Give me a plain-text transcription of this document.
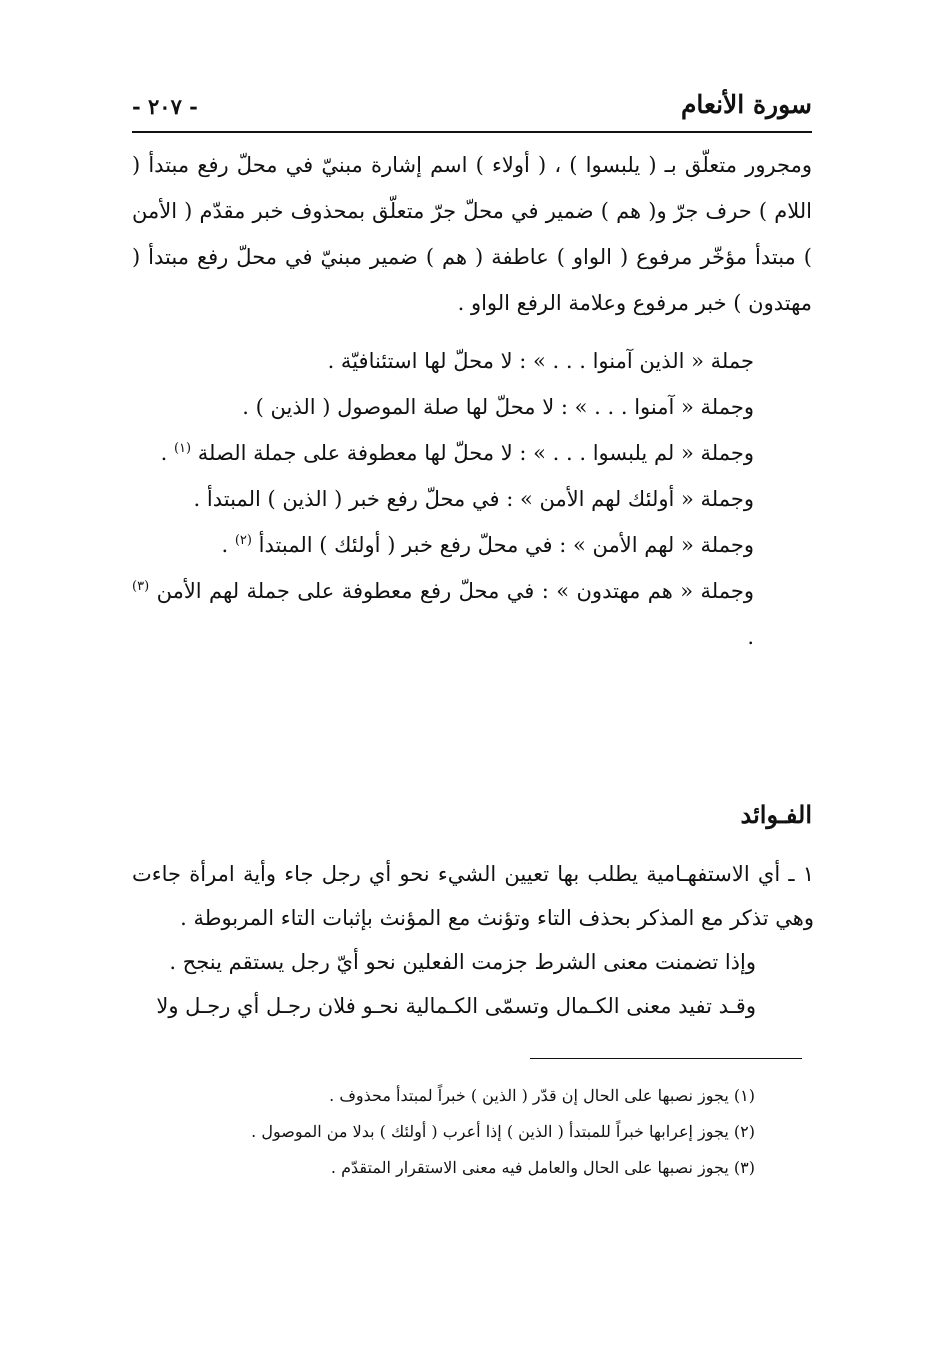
سورة الأنعام
- ٢٠٧ -

ومجرور متعلّق بـ ( يلبسوا ) ، ( أولاء ) اسم إشارة مبنيّ في محلّ رفع مبتدأ ( اللام ) حرف جرّ و( هم ) ضمير في محلّ جرّ متعلّق بمحذوف خبر مقدّم ( الأمن ) مبتدأ مؤخّر مرفوع ( الواو ) عاطفة ( هم ) ضمير مبنيّ في محلّ رفع مبتدأ ( مهتدون ) خبر مرفوع وعلامة الرفع الواو .

جملة « الذين آمنوا . . . » : لا محلّ لها استئنافيّة .

وجملة « آمنوا . . . » : لا محلّ لها صلة الموصول ( الذين ) .

وجملة « لم يلبسوا . . . » : لا محلّ لها معطوفة على جملة الصلة $^{(١)}$ .

وجملة « أولئك لهم الأمن » : في محلّ رفع خبر ( الذين ) المبتدأ .

وجملة « لهم الأمن » : في محلّ رفع خبر ( أولئك ) المبتدأ $^{(٢)}$ .

وجملة « هم مهتدون » : في محلّ رفع معطوفة على جملة لهم الأمن $^{(٣)}$ .

الفـوائد

١ ـ أي الاستفهـامية يطلب بها تعيين الشيء نحو أي رجل جاء وأية امرأة جاءت وهي تذكر مع المذكر بحذف التاء وتؤنث مع المؤنث بإثبات التاء المربوطة .

وإذا تضمنت معنى الشرط جزمت الفعلين نحو أيّ رجل يستقم ينجح .

وقـد تفيد معنى الكـمال وتسمّى الكـمالية نحـو فلان رجـل أي رجـل ولا

(١) يجوز نصبها على الحال إن قدّر ( الذين ) خبراً لمبتدأ محذوف .

(٢) يجوز إعرابها خبراً للمبتدأ ( الذين ) إذا أعرب ( أولئك ) بدلا من الموصول .

(٣) يجوز نصبها على الحال والعامل فيه معنى الاستقرار المتقدّم .
